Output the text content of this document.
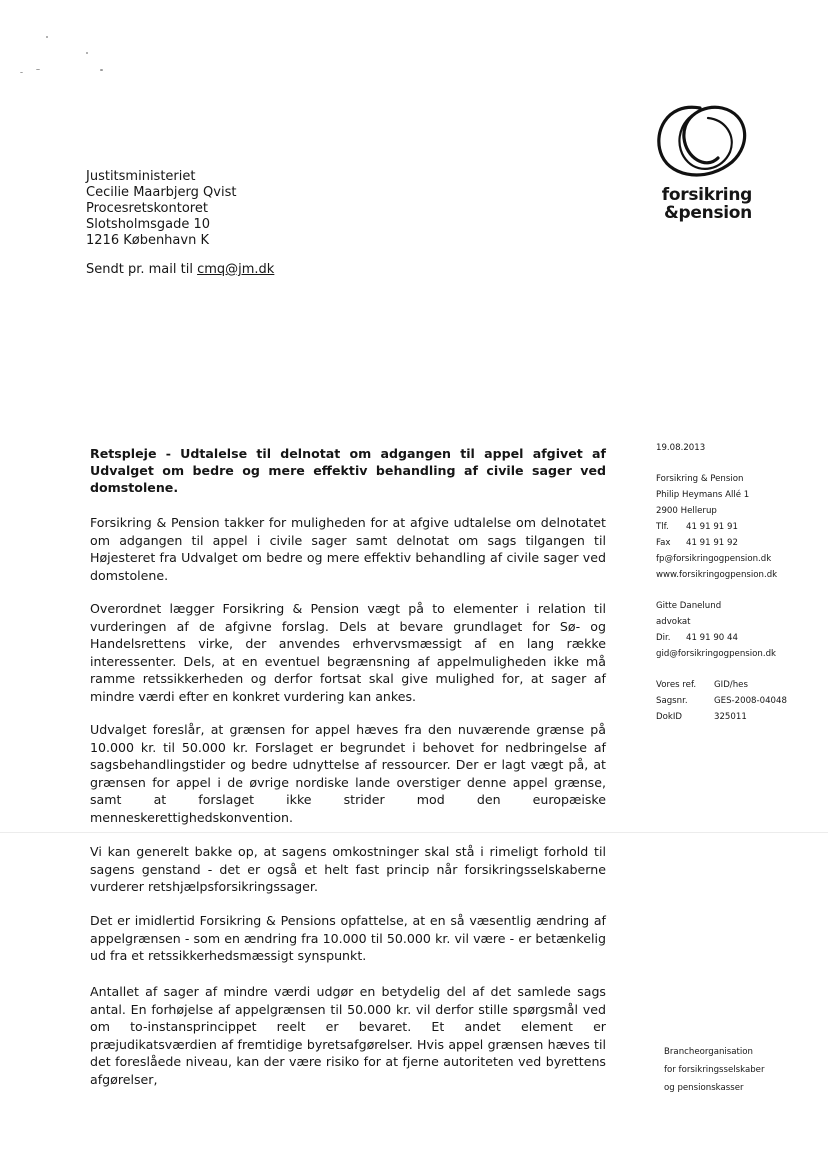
forsikring
&pension
Justitsministeriet
Cecilie Maarbjerg Qvist
Procesretskontoret
Slotsholmsgade 10
1216 København K
Sendt pr. mail til cmq@jm.dk
Retspleje - Udtalelse til delnotat om adgangen til appel afgivet af Udvalget om bedre og mere effektiv behandling af civile sager ved domstolene.
Forsikring & Pension takker for muligheden for at afgive udtalelse om delnotatet om adgangen til appel i civile sager samt delnotat om sags tilgangen til Højesteret fra Udvalget om bedre og mere effektiv behandling af civile sager ved domstolene.
Overordnet lægger Forsikring & Pension vægt på to elementer i relation til vurderingen af de afgivne forslag. Dels at bevare grundlaget for Sø- og Handelsrettens virke, der anvendes erhvervsmæssigt af en lang række interessenter. Dels, at en eventuel begrænsning af appelmuligheden ikke må ramme retssikkerheden og derfor fortsat skal give mulighed for, at sager af mindre værdi efter en konkret vurdering kan ankes.
Udvalget foreslår, at grænsen for appel hæves fra den nuværende grænse på 10.000 kr. til 50.000 kr. Forslaget er begrundet i behovet for nedbringelse af sagsbehandlingstider og bedre udnyttelse af ressourcer. Der er lagt vægt på, at grænsen for appel i de øvrige nordiske lande overstiger denne appel grænse, samt at forslaget ikke strider mod den europæiske menneskerettighedskonvention.
Vi kan generelt bakke op, at sagens omkostninger skal stå i rimeligt forhold til sagens genstand - det er også et helt fast princip når forsikringsselskaberne vurderer retshjælpsforsikringssager.
Det er imidlertid Forsikring & Pensions opfattelse, at en så væsentlig ændring af appelgrænsen - som en ændring fra 10.000 til 50.000 kr. vil være - er betænkelig ud fra et retssikkerhedsmæssigt synspunkt.
Antallet af sager af mindre værdi udgør en betydelig del af det samlede sags antal. En forhøjelse af appelgrænsen til 50.000 kr. vil derfor stille spørgsmål ved om to-instansprincippet reelt er bevaret. Et andet element er præjudikatsværdien af fremtidige byretsafgørelser. Hvis appel grænsen hæves til det foreslåede niveau, kan der være risiko for at fjerne autoriteten ved byrettens afgørelser,
19.08.2013
Forsikring & Pension
Philip Heymans Allé 1
2900 Hellerup
Tlf. 41 91 91 91
Fax 41 91 91 92
fp@forsikringogpension.dk
www.forsikringogpension.dk
Gitte Danelund
advokat
Dir. 41 91 90 44
gid@forsikringogpension.dk
Vores ref. GID/hes
Sagsnr.	GES-2008-04048
DokID	325011
Brancheorganisation
for forsikringsselskaber
og pensionskasser
